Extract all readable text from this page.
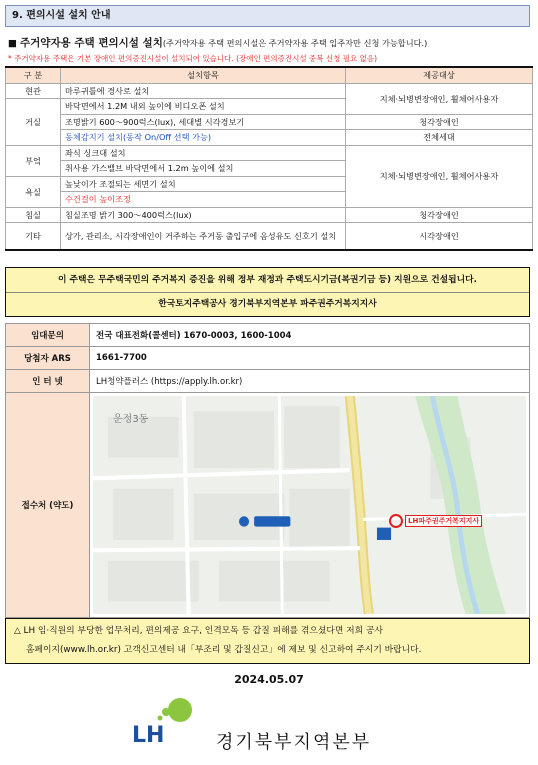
9. 편의시설 설치 안내
■ 주거약자용 주택 편의시설 설치(주거약자용 주택 편의시설은 주거약자용 주택 입주자만 신청 가능합니다.)
* 주거약자용 주택은 기본 장애인 편의증진시설이 설치되어 있습니다. (장애인 편의증진시설 중복 신청 필요 없음)
구 분	설치항목	제공대상
현관	마루귀틀에 경사로 설치	지체·뇌병변장애인, 휠체어사용자
거실	바닥면에서 1.2M 내외 높이에 비디오폰 설치	
	조명밝기 600～900럭스(lux), 세대별 시각경보기	청각장애인
	동체감지기 설치(동작 On/Off 선택 가능)	전체세대
부엌	좌식 싱크대 설치	지체·뇌병변장애인, 휠체어사용자
	취사용 가스밸브 바닥면에서 1.2m 높이에 설치	
욕실	높낮이가 조절되는 세면기 설치	
	수건걸이 높이조정	
침실	침실조명 밝기 300～400럭스(lux)	청각장애인
기타	상가, 관리소, 시각장애인이 거주하는 주거동 출입구에 음성유도 신호기 설치	시각장애인
이 주택은 무주택국민의 주거복지 증진을 위해 정부 재정과 주택도시기금(복권기금 등) 지원으로 건설됩니다.
한국토지주택공사 경기북부지역본부 파주권주거복지지사
임대문의	전국 대표전화(콜센터) 1670-0003, 1600-1004
당첨자 ARS	1661-7700
인 터 넷	LH청약플러스 (https://apply.lh.or.kr)
접수처 (약도)	운정3동
LH파주권주거복지지사
△ LH 임·직원의 부당한 업무처리, 편의제공 요구, 인격모독 등 갑질 피해를 겪으셨다면 저희 공사
홈페이지(www.lh.or.kr) 고객신고센터 내「부조리 및 갑질신고」에 제보 및 신고하여 주시기 바랍니다.
2024.05.07
LH	경기북부지역본부
